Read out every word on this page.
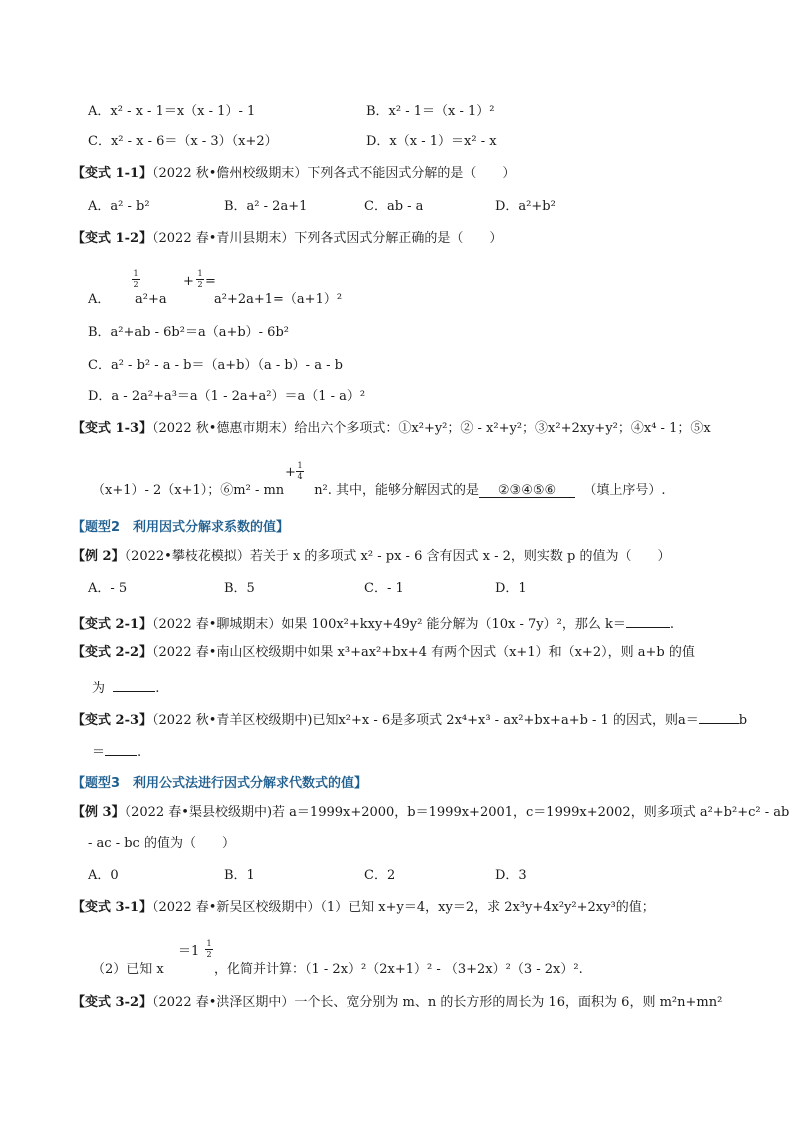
A．x² - x - 1＝x（x - 1）- 1	B．x² - 1＝（x - 1）²
C．x² - x - 6＝（x - 3）（x+2）	D．x（x - 1）＝x² - x
【变式 1-1】（2022 秋•儋州校级期末）下列各式不能因式分解的是（　　）
A．a² - b²	B．a² - 2a+1	C．ab - a	D．a²+b²
【变式 1-2】（2022 春•青川县期末）下列各式因式分解正确的是（　　）
A．
1
2
a²+a
+
1
2 =
a²+2a+1=（a+1）²
B．a²+ab - 6b²＝a（a+b）- 6b²
C．a² - b² - a - b＝（a+b）（a - b）- a - b
D．a - 2a²+a³＝a（1 - 2a+a²）＝a（1 - a）²
【变式 1-3】（2022 秋•德惠市期末）给出六个多项式：①x²+y²；② - x²+y²；③x²+2xy+y²；④x⁴ - 1；⑤x
（x+1）- 2（x+1）；⑥m² - mn n². 其中，能够分解因式的是 ②③④⑤⑥ （填上序号）.
+ 1
4
【题型2　利用因式分解求系数的值】
【例 2】（2022•攀枝花模拟）若关于 x 的多项式 x² - px - 6 含有因式 x - 2，则实数 p 的值为（　　）
A．- 5	B．5	C．- 1	D．1
【变式 2-1】（2022 春•聊城期末）如果 100x²+kxy+49y² 能分解为（10x - 7y）²，那么 k＝	.
【变式 2-2】（2022 春•南山区校级期中如果 x³+ax²+bx+4 有两个因式（x+1）和（x+2），则 a+b 的值
为	.
【变式 2-3】（2022 秋•青羊区校级期中)已知x²+x - 6是多项式 2x⁴+x³ - ax²+bx+a+b - 1 的因式，则a＝	b
＝ .
【题型3　利用公式法进行因式分解求代数式的值】
【例 3】（2022 春•渠县校级期中)若 a＝1999x+2000，b＝1999x+2001，c＝1999x+2002，则多项式 a²+b²+c² - ab
- ac - bc 的值为（　　）
A．0	B．1	C．2	D．3
【变式 3-1】（2022 春•新吴区校级期中）（1）已知 x+y＝4，xy＝2，求 2x³y+4x²y²+2xy³的值；
（2）已知 x
＝1
1
2
，化简并计算：（1 - 2x）²（2x+1）² - （3+2x）²（3 - 2x）².
【变式 3-2】（2022 春•洪泽区期中）一个长、宽分别为 m、n 的长方形的周长为 16，面积为 6，则 m²n+mn²
